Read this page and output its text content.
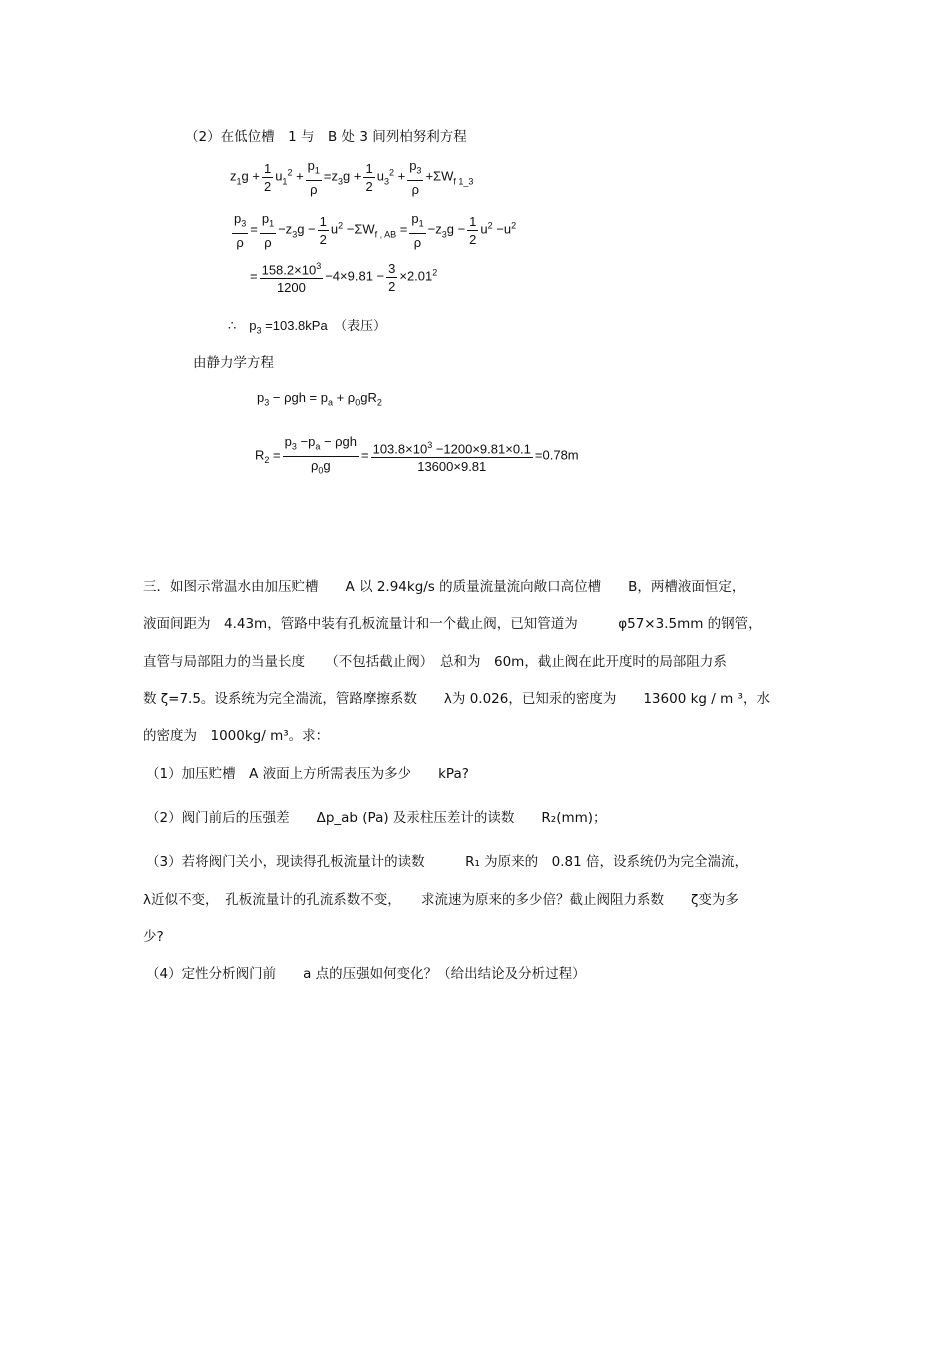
（2）在低位槽　1 与　B 处 3 间列柏努利方程
$z_1g + \frac{1}{2} u_1^2 + \frac{p_1}{\rho} =z_3g + \frac{1}{2} u_3^2 + \frac{p_3}{\rho} +\Sigma W_{f 1\_3}$
$\frac{p_3}{\rho} = \frac{p_1}{\rho} -z_3g - \frac{1}{2} u^2 -\Sigma W_{f , AB} = \frac{p_1}{\rho} -z_3g - \frac{1}{2} u^2 -u^2$
= $\frac{158.2\times 10^3}{1200} -4\times 9.81 - \frac{3}{2} \times 2.01^2$
∴　$p_3 =103.8kPa$　（表压）
由静力学方程
$p_3 - \rho gh = p_a + \rho_0gR_2$
$R_2 = \frac{p_3 -p_a - \rho gh}{\rho_0g} = \frac{103.8\times 10^3 -1200\times 9.81\times 0.1}{13600\times 9.81} =0.78m$
三．如图示常温水由加压贮槽　　A 以 2.94kg/s 的质量流量流向敞口高位槽　　B，两槽液面恒定，
液面间距为　4.43m，管路中装有孔板流量计和一个截止阀，已知管道为　　　φ57×3.5mm 的钢管，
直管与局部阻力的当量长度　　（不包括截止阀）　总和为　60m，截止阀在此开度时的局部阻力系
数 ζ=7.5。设系统为完全湍流，管路摩擦系数　　λ为 0.026，已知汞的密度为　　13600 kg / m ³，水
的密度为　1000kg/ m³。求：
（1）加压贮槽　A 液面上方所需表压为多少　　kPa?
（2）阀门前后的压强差　　Δp_ab (Pa) 及汞柱压差计的读数　　R₂(mm)；
（3）若将阀门关小，现读得孔板流量计的读数　　　R₁ 为原来的　0.81 倍，设系统仍为完全湍流，
λ近似不变，　孔板流量计的孔流系数不变，　　求流速为原来的多少倍？截止阀阻力系数　　ζ变为多
少?
（4）定性分析阀门前　　a 点的压强如何变化？（给出结论及分析过程）
